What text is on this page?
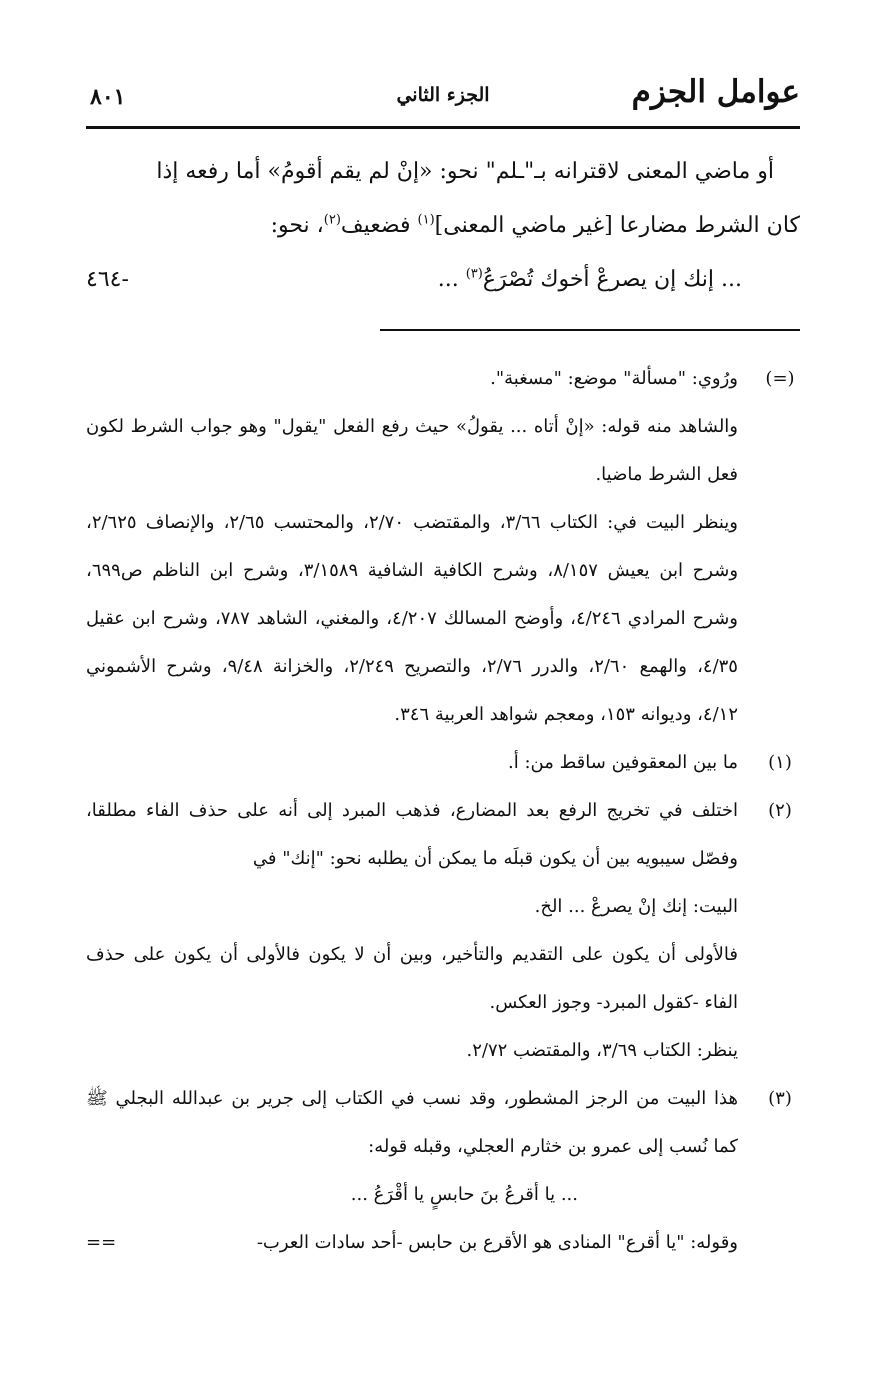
عوامل الجزم
الجزء الثاني
٨٠١

أو ماضي المعنى لاقترانه بـ"ـلم" نحو: «إنْ لم يقم أقومُ» أما رفعه إذا

كان الشرط مضارعا [غير ماضي المعنى]$^{(١)}$ فضعيف$^{(٢)}$، نحو:

-٤٦٤	... إنك إن يصرعْ أخوك تُصْرَعُ$^{(٣)}$ ...
(=)

ورُوي: "مسألة" موضع: "مسغبة".

والشاهد منه قوله: «إنْ أتاه ... يقولُ» حيث رفع الفعل "يقول" وهو جواب الشرط لكون فعل الشرط ماضيا.

وينظر البيت في: الكتاب ٣/٦٦، والمقتضب ٢/٧٠، والمحتسب ٢/٦٥، والإنصاف ٢/٦٢٥، وشرح ابن يعيش ٨/١٥٧، وشرح الكافية الشافية ٣/١٥٨٩، وشرح ابن الناظم ص٦٩٩، وشرح المرادي ٤/٢٤٦، وأوضح المسالك ٤/٢٠٧، والمغني، الشاهد ٧٨٧، وشرح ابن عقيل ٤/٣٥، والهمع ٢/٦٠، والدرر ٢/٧٦، والتصريح ٢/٢٤٩، والخزانة ٩/٤٨، وشرح الأشموني ٤/١٢، وديوانه ١٥٣، ومعجم شواهد العربية ٣٤٦.

(١)

ما بين المعقوفين ساقط من: أ.

(٢)

اختلف في تخريج الرفع بعد المضارع، فذهب المبرد إلى أنه على حذف الفاء مطلقا، وفصّل سيبويه بين أن يكون قبلَه ما يمكن أن يطلبه نحو: "إنك" في

البيت: إنك إنْ يصرعْ ... الخ.

فالأولى أن يكون على التقديم والتأخير، وبين أن لا يكون فالأولى أن يكون على حذف الفاء -كقول المبرد- وجوز العكس.

ينظر: الكتاب ٣/٦٩، والمقتضب ٢/٧٢.

(٣)

هذا البيت من الرجز المشطور، وقد نسب في الكتاب إلى جرير بن عبدالله البجلي ﷺ كما نُسب إلى عمرو بن خثارم العجلي، وقبله قوله:

... يا أقرعُ بنَ حابسٍ يا أقْرَعُ ...

وقوله: "يا أقرع" المنادى هو الأقرع بن حابس -أحد سادات العرب-

==
